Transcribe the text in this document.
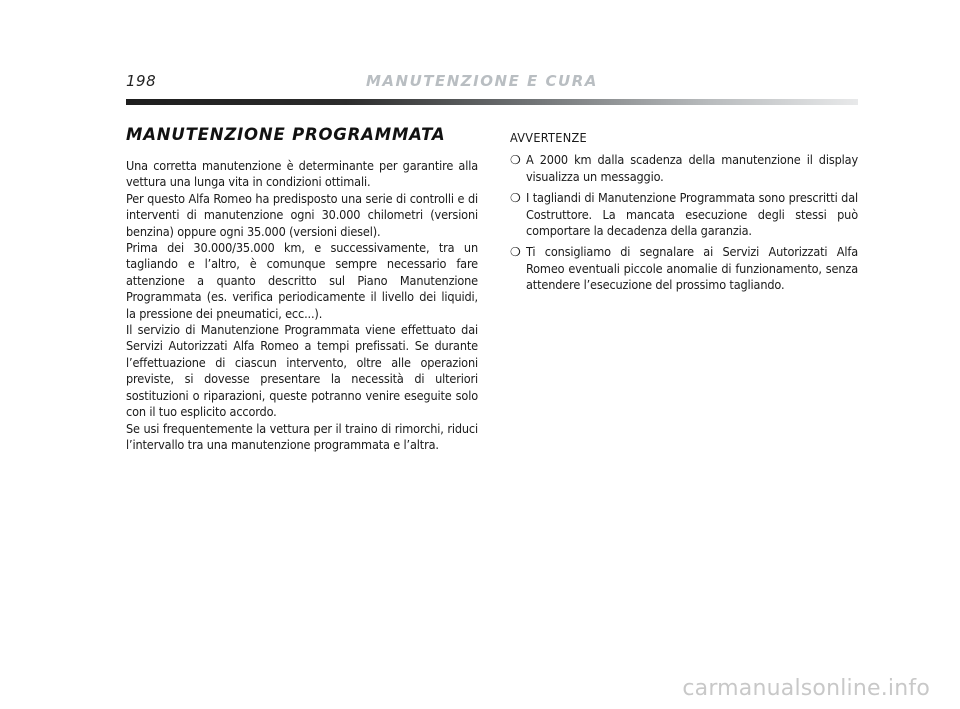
198	MANUTENZIONE E CURA
MANUTENZIONE PROGRAMMATA

Una corretta manutenzione è determinante per garantire alla vettura una lunga vita in condizioni ottimali.

Per questo Alfa Romeo ha predisposto una serie di controlli e di interventi di manutenzione ogni 30.000 chilometri (versioni benzina) oppure ogni 35.000 (versioni diesel).

Prima dei 30.000/35.000 km, e successivamente, tra un tagliando e l’altro, è comunque sempre necessario fare attenzione a quanto descritto sul Piano Manutenzione Programmata (es. verifica periodicamente il livello dei liquidi, la pressione dei pneumatici, ecc...).

Il servizio di Manutenzione Programmata viene effettuato dai Servizi Autorizzati Alfa Romeo a tempi prefissati. Se durante l’effettuazione di ciascun intervento, oltre alle operazioni previste, si dovesse presentare la necessità di ulteriori sostituzioni o riparazioni, queste potranno venire eseguite solo con il tuo esplicito accordo.

Se usi frequentemente la vettura per il traino di rimorchi, riduci l’intervallo tra una manutenzione programmata e l’altra.

AVVERTENZE
❍ A 2000 km dalla scadenza della manutenzione il display visualizza un messaggio.
❍ I tagliandi di Manutenzione Programmata sono prescritti dal Costruttore. La mancata esecuzione degli stessi può comportare la decadenza della garanzia.
❍ Ti consigliamo di segnalare ai Servizi Autorizzati Alfa Romeo eventuali piccole anomalie di funzionamento, senza attendere l’esecuzione del prossimo tagliando.
carmanualsonline.info
